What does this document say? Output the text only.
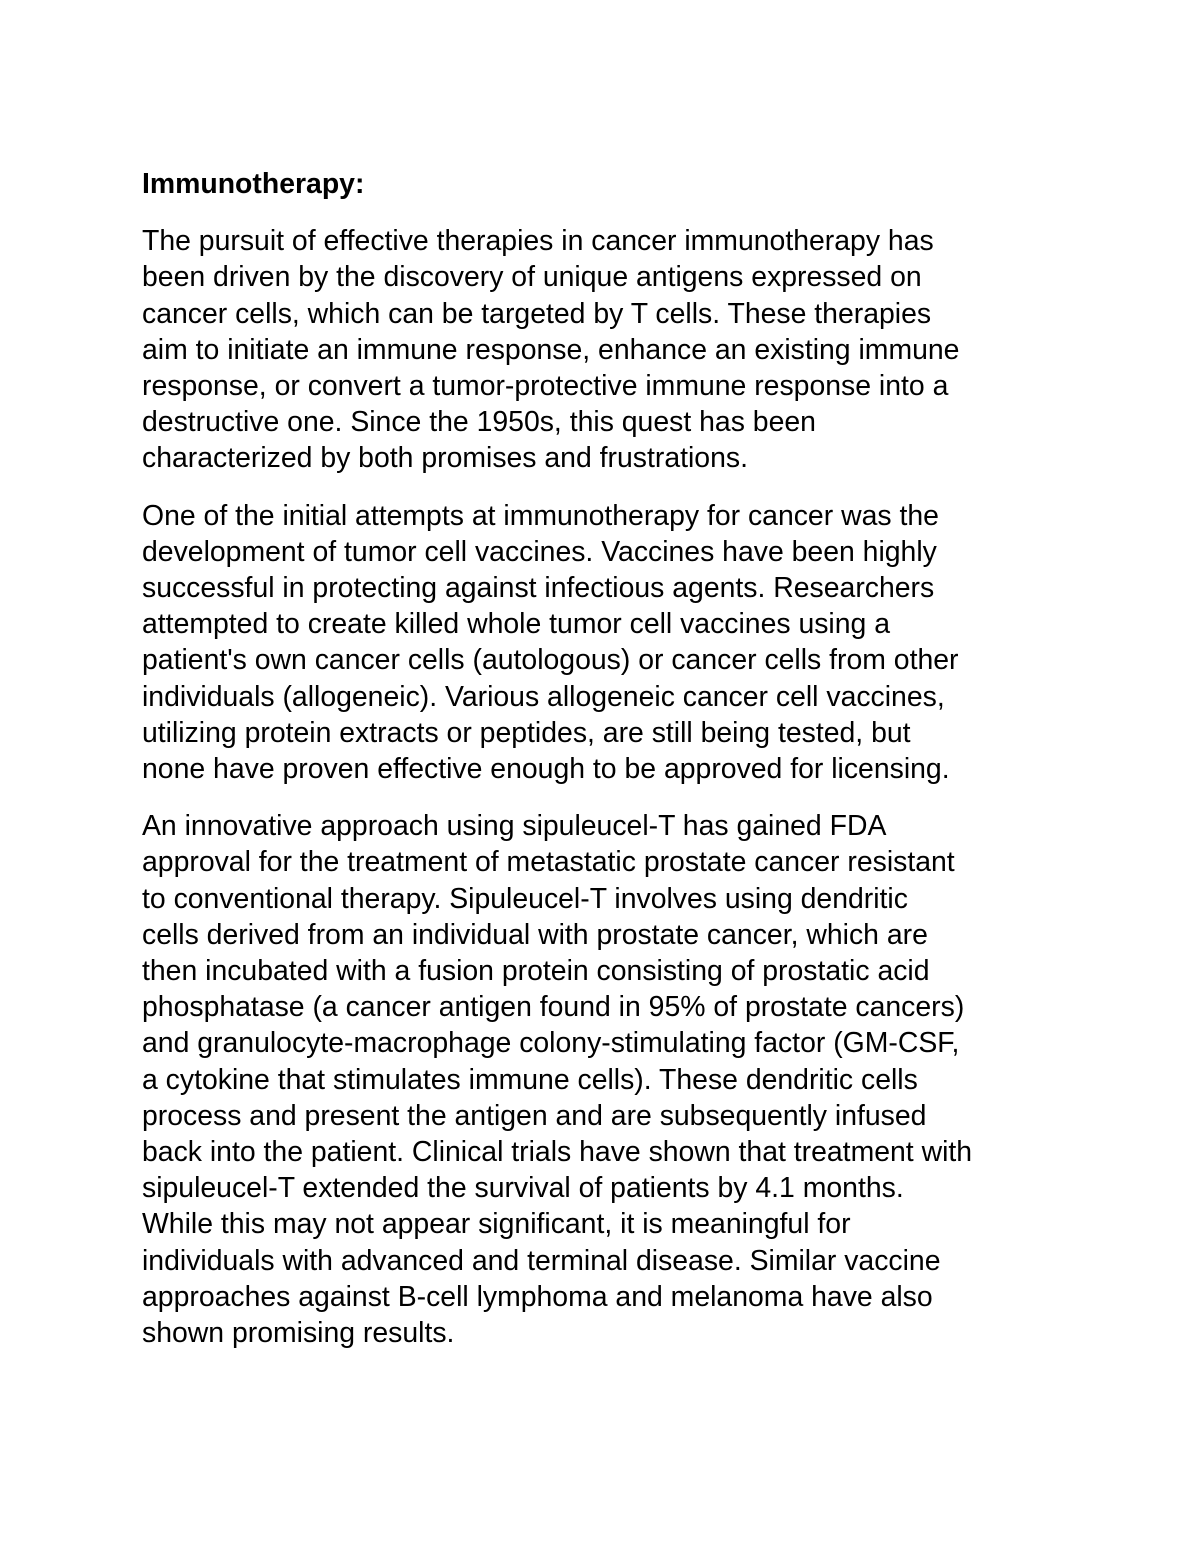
Immunotherapy:
The pursuit of effective therapies in cancer immunotherapy has
been driven by the discovery of unique antigens expressed on
cancer cells, which can be targeted by T cells. These therapies
aim to initiate an immune response, enhance an existing immune
response, or convert a tumor-protective immune response into a
destructive one. Since the 1950s, this quest has been
characterized by both promises and frustrations.
One of the initial attempts at immunotherapy for cancer was the
development of tumor cell vaccines. Vaccines have been highly
successful in protecting against infectious agents. Researchers
attempted to create killed whole tumor cell vaccines using a
patient's own cancer cells (autologous) or cancer cells from other
individuals (allogeneic). Various allogeneic cancer cell vaccines,
utilizing protein extracts or peptides, are still being tested, but
none have proven effective enough to be approved for licensing.
An innovative approach using sipuleucel-T has gained FDA
approval for the treatment of metastatic prostate cancer resistant
to conventional therapy. Sipuleucel-T involves using dendritic
cells derived from an individual with prostate cancer, which are
then incubated with a fusion protein consisting of prostatic acid
phosphatase (a cancer antigen found in 95% of prostate cancers)
and granulocyte-macrophage colony-stimulating factor (GM-CSF,
a cytokine that stimulates immune cells). These dendritic cells
process and present the antigen and are subsequently infused
back into the patient. Clinical trials have shown that treatment with
sipuleucel-T extended the survival of patients by 4.1 months.
While this may not appear significant, it is meaningful for
individuals with advanced and terminal disease. Similar vaccine
approaches against B-cell lymphoma and melanoma have also
shown promising results.
